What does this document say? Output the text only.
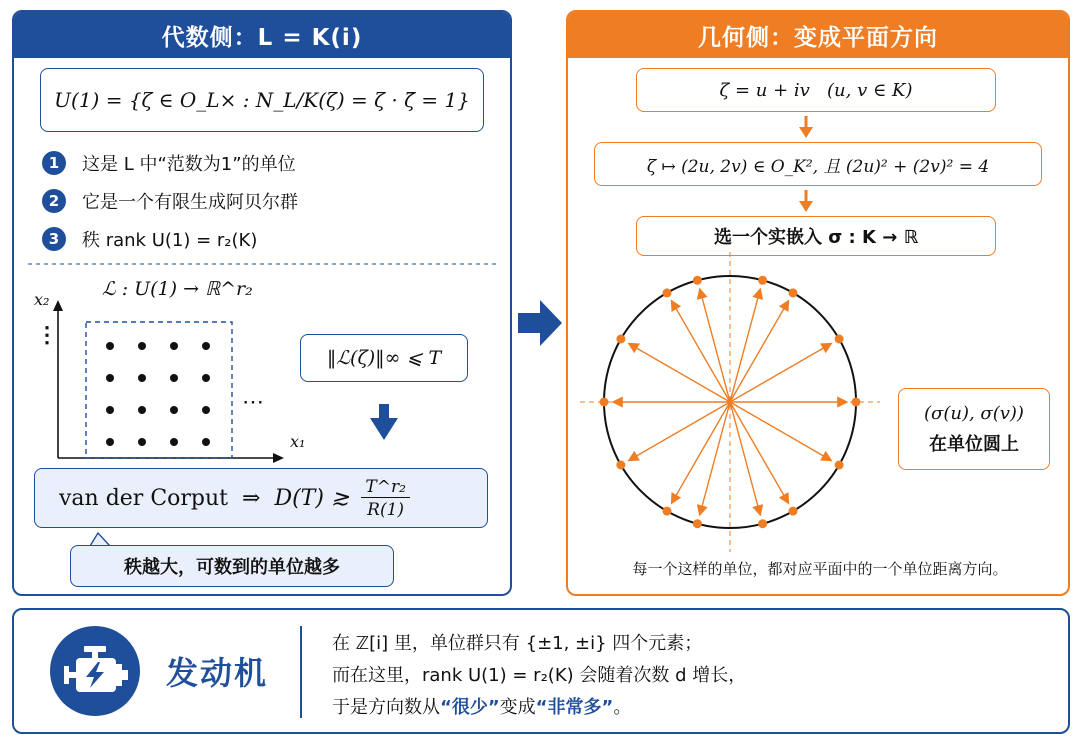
代数侧：L = K(i)
U(1) = {ζ ∈ O_L× : N_L/K(ζ) = ζ · ζ̄ = 1}
1	这是 L 中“范数为1”的单位
2	它是一个有限生成阿贝尔群
3	秩 rank U(1) = r₂(K)
x₂
x₁
⋮
⋯
ℒ : U(1) → ℝ^r₂
‖ℒ(ζ)‖∞ ⩽ T
van der Corput ⇒ D(T) ≳ $\frac{\text{T\textasciicircum{}r₂}}{R(1)}$
秩越大，可数到的单位越多
几何侧：变成平面方向
ζ = u + iv   (u, v ∈ K)
ζ ↦ (2u, 2v) ∈ O_K², 且 (2u)² + (2v)² = 4
选一个实嵌入 σ : K → ℝ
(σ(u), σ(v))
在单位圆上
每一个这样的单位，都对应平面中的一个单位距离方向。
发动机
在 ℤ[i] 里，单位群只有 {±1, ±i} 四个元素；
而在这里，rank U(1) = r₂(K) 会随着次数 d 增长，
于是方向数从“很少”变成“非常多”。
